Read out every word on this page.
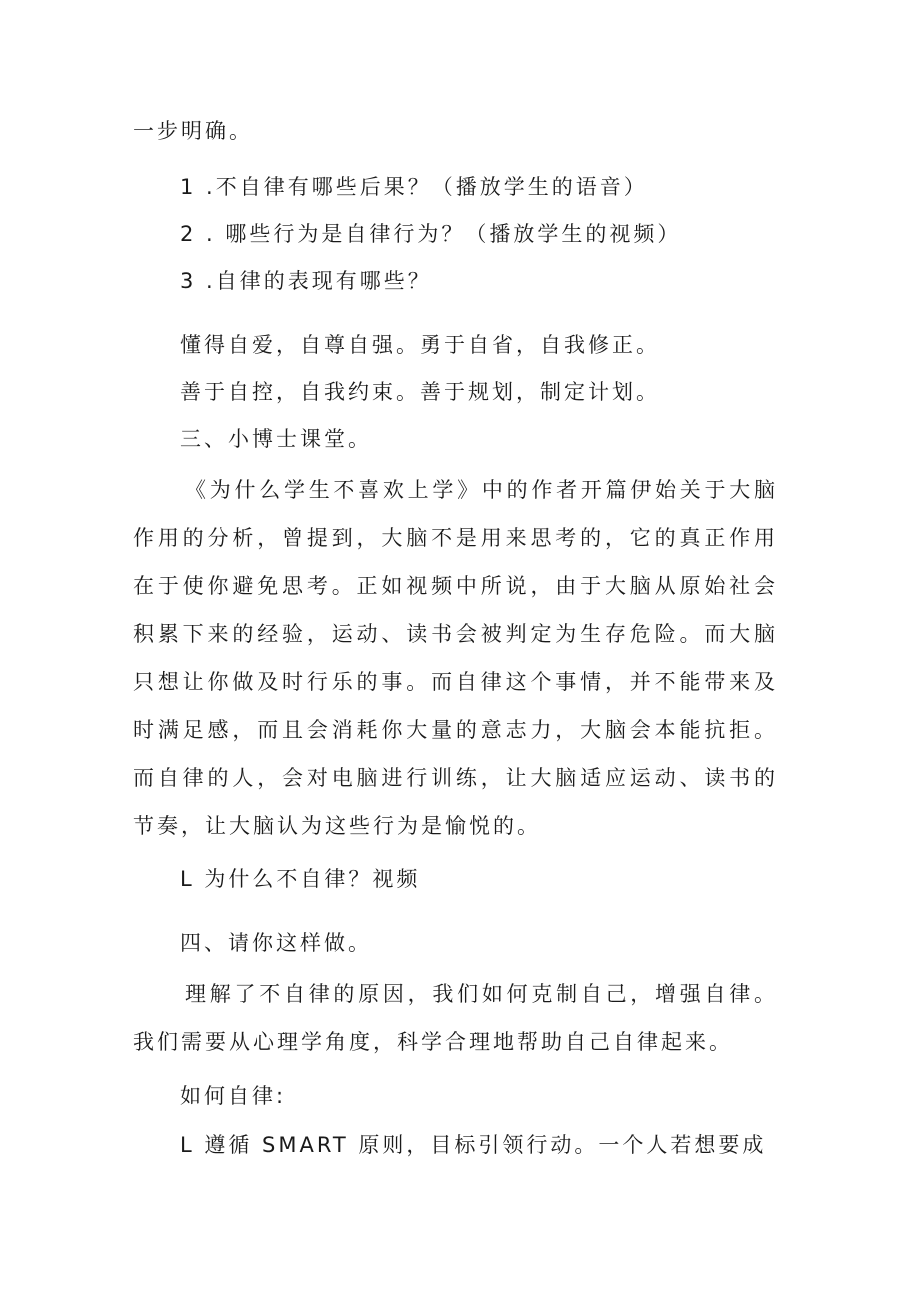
一步明确。
1 .不自律有哪些后果？（播放学生的语音）
2 . 哪些行为是自律行为？（播放学生的视频）
3 .自律的表现有哪些？
懂得自爱，自尊自强。勇于自省，自我修正。
善于自控，自我约束。善于规划，制定计划。
三、小博士课堂。
《为什么学生不喜欢上学》中的作者开篇伊始关于大脑作用的分析，曾提到，大脑不是用来思考的，它的真正作用在于使你避免思考。正如视频中所说，由于大脑从原始社会积累下来的经验，运动、读书会被判定为生存危险。而大脑只想让你做及时行乐的事。而自律这个事情，并不能带来及时满足感，而且会消耗你大量的意志力，大脑会本能抗拒。而自律的人，会对电脑进行训练，让大脑适应运动、读书的节奏，让大脑认为这些行为是愉悦的。
L 为什么不自律？视频
四、请你这样做。
理解了不自律的原因，我们如何克制自己，增强自律。我们需要从心理学角度，科学合理地帮助自己自律起来。
如何自律:
L 遵循 SMART 原则，目标引领行动。一个人若想要成
